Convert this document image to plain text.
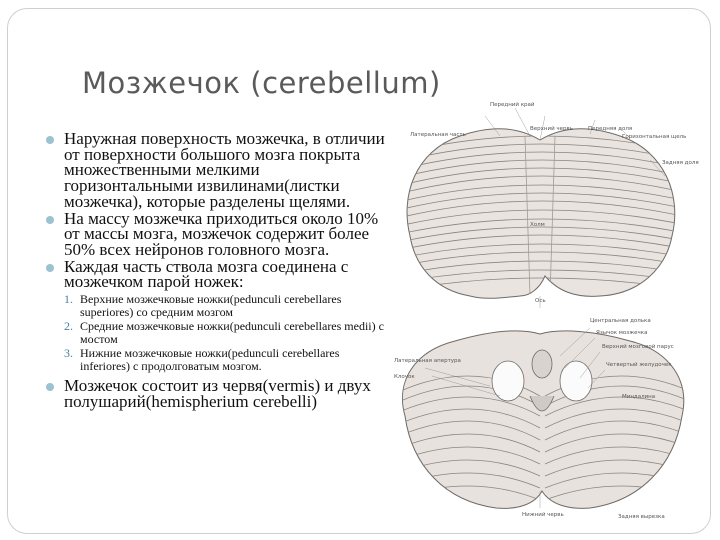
Мозжечок (cerebellum)
Наружная поверхность мозжечка, в отличии от поверхности большого мозга покрыта множественными мелкими горизонтальными извилинами(листки мозжечка), которые разделены щелями.
На массу мозжечка приходиться около 10% от массы мозга, мозжечок содержит более 50% всех нейронов головного мозга.
Каждая часть ствола мозга соединена с мозжечком парой ножек:
1. Верхние мозжечковые ножки(pedunculi cerebellares superiores) со средним мозгом
2. Средние мозжечковые ножки(pedunculi cerebellares medii) с мостом
3. Нижние мозжечковые ножки(pedunculi cerebellares inferiores) с продолговатым мозгом.
Мозжечок состоит из червя(vermis) и двух полушарий(hemispherium cerebelli)
Передний край
Латеральная часть
Верхний червь	Передняя доля
Горизонтальная щель
Задняя доля
Холм
Ось
Центральная долька
Язычок мозжечка
Верхний мозговой парус
Четвертый желудочек
Латеральная апертура
Клочок
Миндалина
Нижний червь	Задняя вырезка
